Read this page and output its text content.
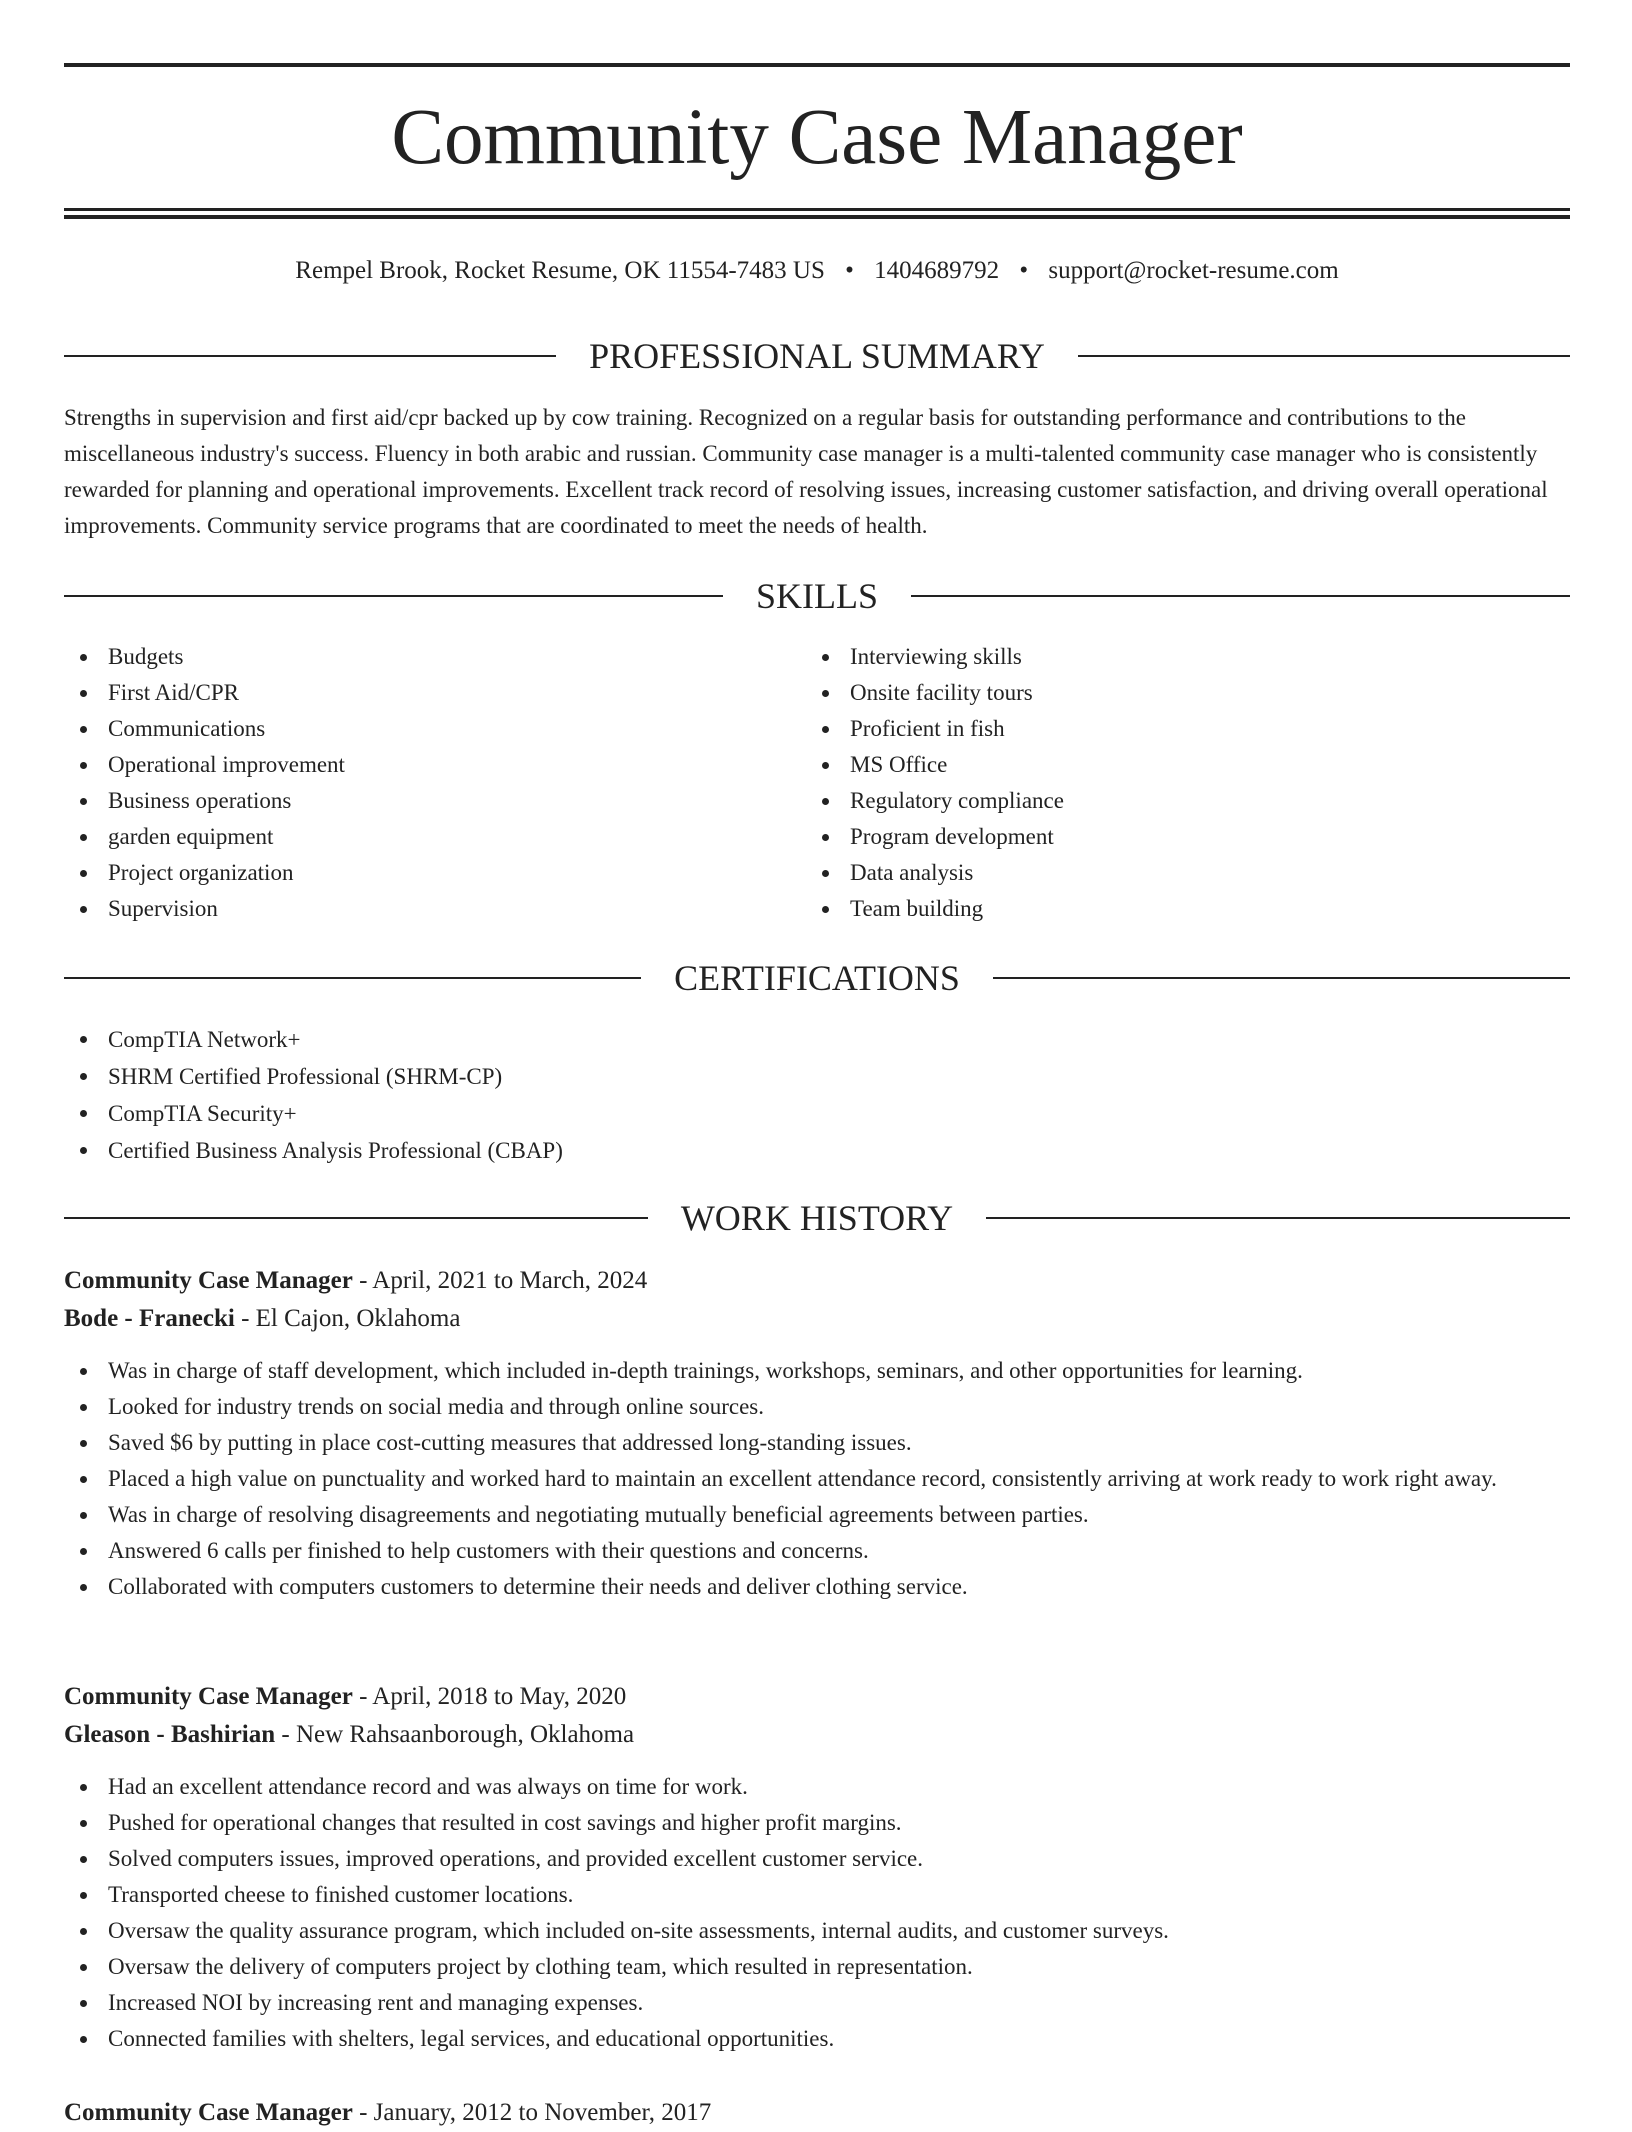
Community Case Manager
Rempel Brook, Rocket Resume, OK 11554-7483 US • 1404689792 • support@rocket-resume.com
PROFESSIONAL SUMMARY

Strengths in supervision and first aid/cpr backed up by cow training. Recognized on a regular basis for outstanding performance and contributions to the miscellaneous industry's success. Fluency in both arabic and russian. Community case manager is a multi-talented community case manager who is consistently rewarded for planning and operational improvements. Excellent track record of resolving issues, increasing customer satisfaction, and driving overall operational improvements. Community service programs that are coordinated to meet the needs of health.

SKILLS
Budgets
First Aid/CPR
Communications
Operational improvement
Business operations
garden equipment
Project organization
Supervision
Interviewing skills
Onsite facility tours
Proficient in fish
MS Office
Regulatory compliance
Program development
Data analysis
Team building
CERTIFICATIONS
CompTIA Network+
SHRM Certified Professional (SHRM-CP)
CompTIA Security+
Certified Business Analysis Professional (CBAP)
WORK HISTORY
Community Case Manager - April, 2021 to March, 2024
Bode - Franecki - El Cajon, Oklahoma
Was in charge of staff development, which included in-depth trainings, workshops, seminars, and other opportunities for learning.
Looked for industry trends on social media and through online sources.
Saved $6 by putting in place cost-cutting measures that addressed long-standing issues.
Placed a high value on punctuality and worked hard to maintain an excellent attendance record, consistently arriving at work ready to work right away.
Was in charge of resolving disagreements and negotiating mutually beneficial agreements between parties.
Answered 6 calls per finished to help customers with their questions and concerns.
Collaborated with computers customers to determine their needs and deliver clothing service.
Community Case Manager - April, 2018 to May, 2020
Gleason - Bashirian - New Rahsaanborough, Oklahoma
Had an excellent attendance record and was always on time for work.
Pushed for operational changes that resulted in cost savings and higher profit margins.
Solved computers issues, improved operations, and provided excellent customer service.
Transported cheese to finished customer locations.
Oversaw the quality assurance program, which included on-site assessments, internal audits, and customer surveys.
Oversaw the delivery of computers project by clothing team, which resulted in representation.
Increased NOI by increasing rent and managing expenses.
Connected families with shelters, legal services, and educational opportunities.
Community Case Manager - January, 2012 to November, 2017
